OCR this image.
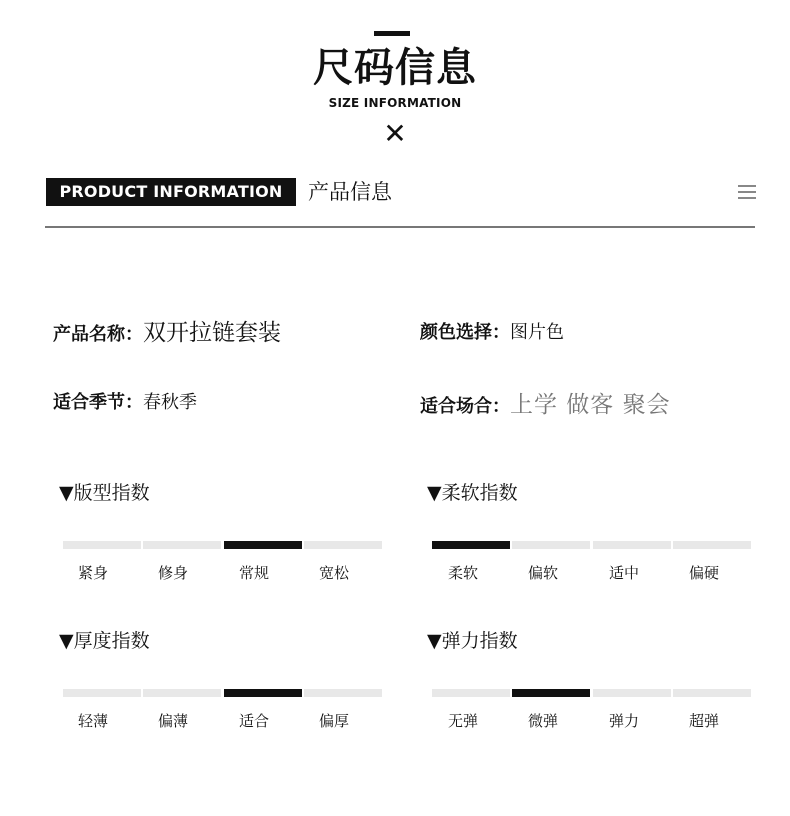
尺码信息
SIZE INFORMATION
✕
PRODUCT INFORMATION	产品信息
产品名称：双开拉链套装	颜色选择：图片色
适合季节：春秋季	适合场合：上学 做客 聚会
▼版型指数
紧身	修身	常规	宽松
▼柔软指数
柔软	偏软	适中	偏硬
▼厚度指数
轻薄	偏薄	适合	偏厚
▼弹力指数
无弹	微弹	弹力	超弹
